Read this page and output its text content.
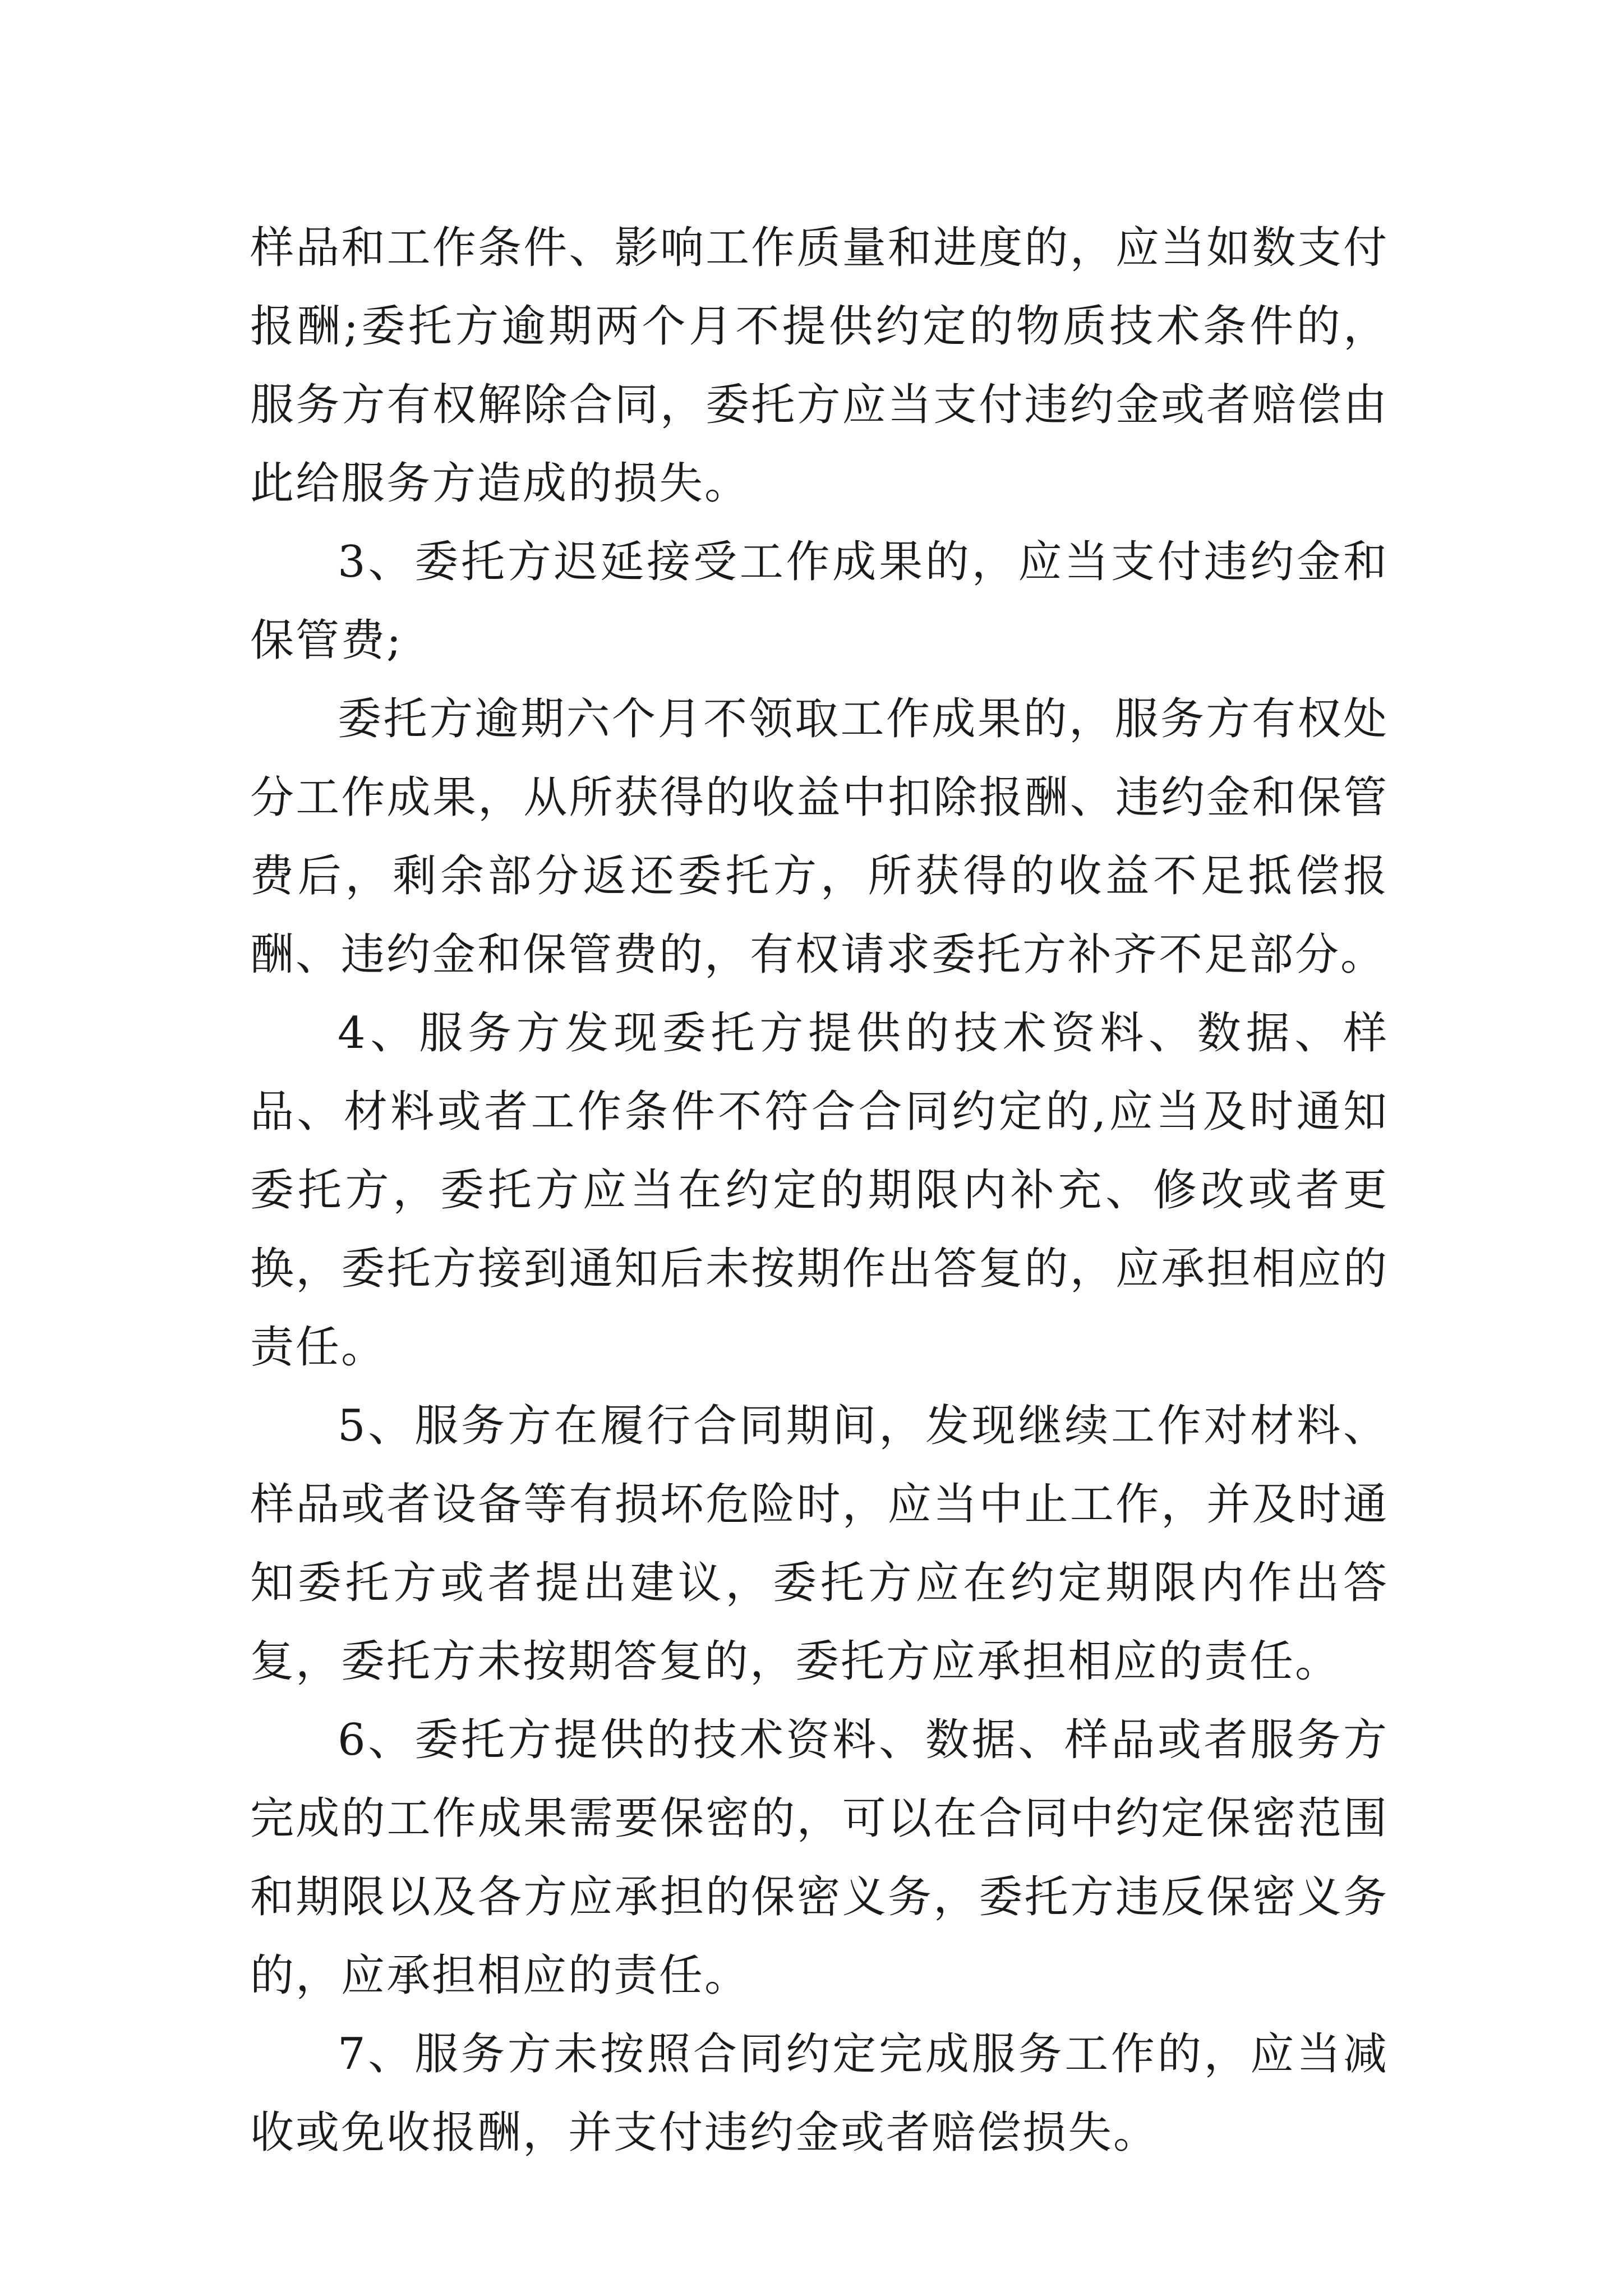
样品和工作条件、影响工作质量和进度的，应当如数支付报酬;委托方逾期两个月不提供约定的物质技术条件的，服务方有权解除合同，委托方应当支付违约金或者赔偿由此给服务方造成的损失。

3、委托方迟延接受工作成果的，应当支付违约金和保管费;

委托方逾期六个月不领取工作成果的，服务方有权处分工作成果，从所获得的收益中扣除报酬、违约金和保管费后，剩余部分返还委托方，所获得的收益不足抵偿报酬、违约金和保管费的，有权请求委托方补齐不足部分。

4、服务方发现委托方提供的技术资料、数据、样品、材料或者工作条件不符合合同约定的,应当及时通知委托方，委托方应当在约定的期限内补充、修改或者更换，委托方接到通知后未按期作出答复的，应承担相应的责任。

5、服务方在履行合同期间，发现继续工作对材料、样品或者设备等有损坏危险时，应当中止工作，并及时通知委托方或者提出建议，委托方应在约定期限内作出答复，委托方未按期答复的，委托方应承担相应的责任。

6、委托方提供的技术资料、数据、样品或者服务方完成的工作成果需要保密的，可以在合同中约定保密范围和期限以及各方应承担的保密义务，委托方违反保密义务的，应承担相应的责任。

7、服务方未按照合同约定完成服务工作的，应当减收或免收报酬，并支付违约金或者赔偿损失。
